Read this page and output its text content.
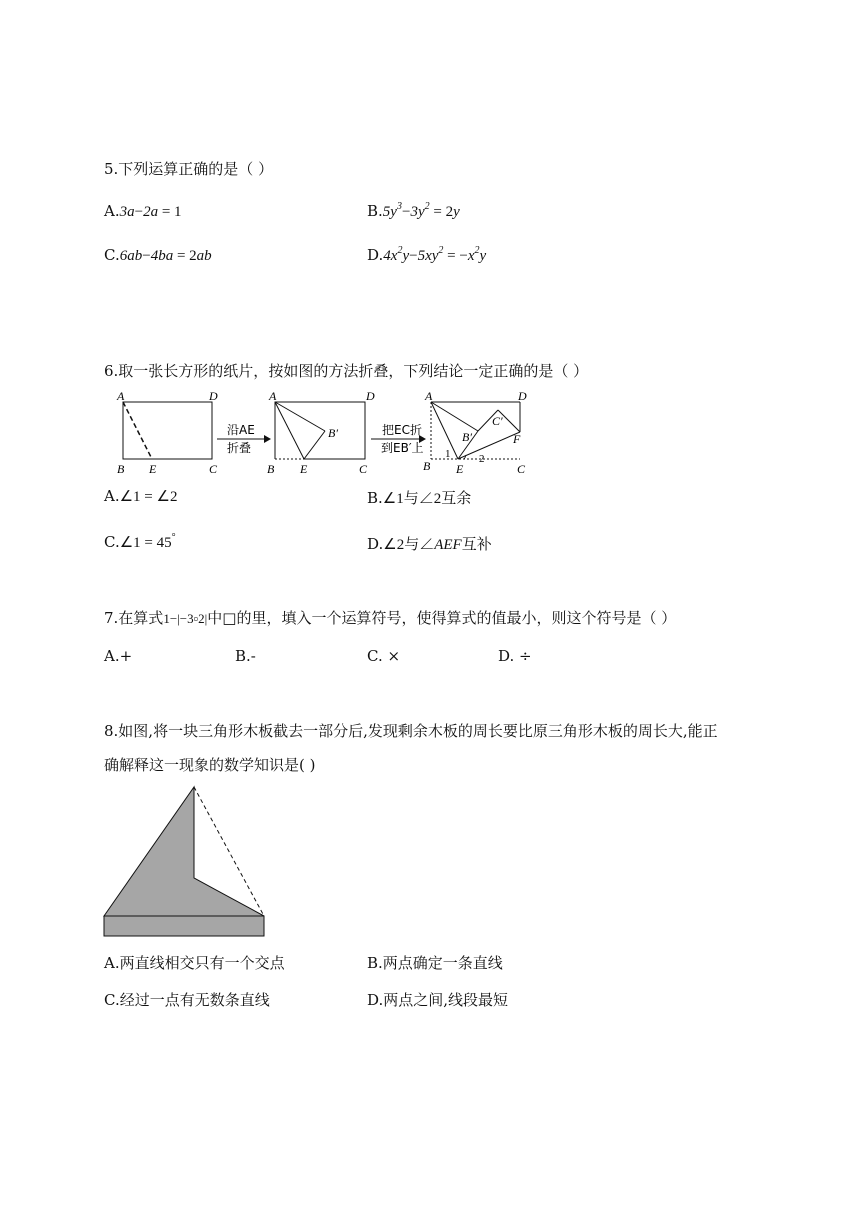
5.下列运算正确的是（ ）
A.3a−2a = 1	$B.5y^3-3y^2 = 2y$
C.6ab−4ba = 2ab	$D.4x^2y-5xy^2 = -x^2y$
6.取一张长方形的纸片，按如图的方法折叠，下列结论一定正确的是（ ）
A	D
B E	C
沿AE
折叠
A	D
B E	C
B′	把EC折
到EB′上
A	D
B E	C
B′
C′
F
1	2
A.∠1 = ∠2	B.∠1与∠2互余
C.∠1 = 45°	D.∠2与∠AEF互补
7.在算式1−|−3▫2|中□的里，填入一个运算符号，使得算式的值最小，则这个符号是（ ）
A.+	B.-	C. ×	D. ÷
8.如图,将一块三角形木板截去一部分后,发现剩余木板的周长要比原三角形木板的周长大,能正
确解释这一现象的数学知识是( )
A.两直线相交只有一个交点	B.两点确定一条直线
C.经过一点有无数条直线	D.两点之间,线段最短
